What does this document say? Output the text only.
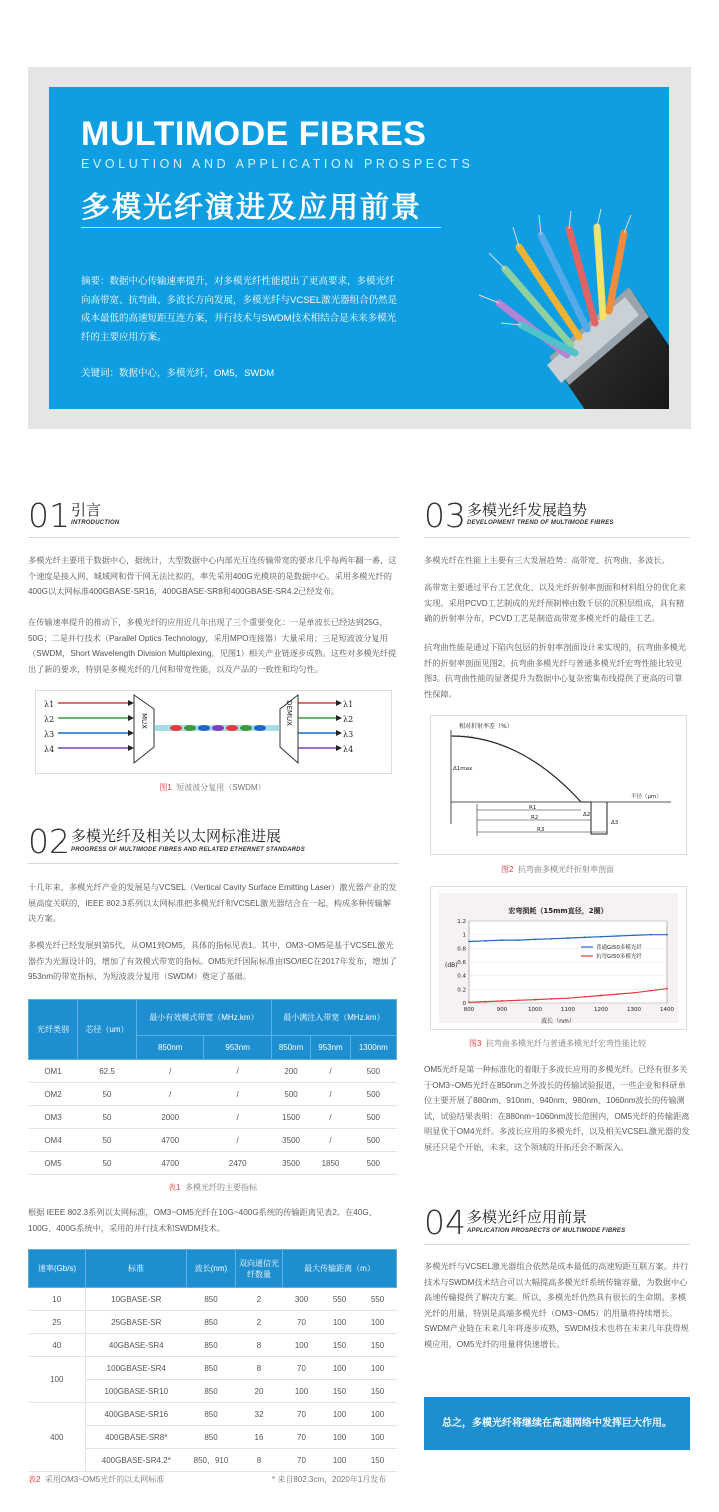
MULTIMODE FIBRES
EVOLUTION AND APPLICATION PROSPECTS
多模光纤演进及应用前景
摘要：数据中心传输速率提升，对多模光纤性能提出了更高要求，多模光纤向高带宽、抗弯曲、多波长方向发展，多模光纤与VCSEL激光器组合仍然是成本最低的高速短距互连方案，并行技术与SWDM技术相结合是未来多模光纤的主要应用方案。
关键词：数据中心，多模光纤，OM5，SWDM
01 引言
INTRODUCTION
多模光纤主要用于数据中心，据统计，大型数据中心内部光互连传输带宽的要求几乎每两年翻一番，这个速度是接入网、城域网和骨干网无法比拟的，率先采用400G光模块的是数据中心。采用多模光纤的400G以太网标准400GBASE-SR16，400GBASE-SR8和400GBASE-SR4.2已经发布。
在传输速率提升的推动下，多模光纤的应用近几年出现了三个重要变化：一是单波长已经达到25G、50G；二是并行技术（Parallel Optics Technology，采用MPO连接器）大量采用；三是短波波分复用（SWDM，Short Wavelength Division Multiplexing，见图1）相关产业链逐步成熟。这些对多模光纤提出了新的要求，特别是多模光纤的几何和带宽性能，以及产品的一致性和均匀性。
λ1
λ2
λ3
λ4
λ1
λ2
λ3
λ4
MUX	DEMUX
图1 短波波分复用（SWDM）
02 多模光纤及相关以太网标准进展
PROGRESS OF MULTIMODE FIBRES AND RELATED ETHERNET STANDARDS
十几年来，多模光纤产业的发展是与VCSEL（Vertical Cavity Surface Emitting Laser）激光器产业的发展高度关联的，IEEE 802.3系列以太网标准把多模光纤和VCSEL激光器结合在一起，构成多种传输解决方案。
多模光纤已经发展到第5代，从OM1到OM5，具体的指标见表1。其中，OM3~OM5是基于VCSEL激光器作为光源设计的，增加了有效模式带宽的指标。OM5光纤国际标准由ISO/IEC在2017年发布，增加了953nm的带宽指标，为短波波分复用（SWDM）奠定了基础。
光纤类别	芯径（um）	最小有效模式带宽（MHz.km）		最小满注入带宽（MHz.km）		
		850nm	953nm	850nm	953nm	1300nm
OM1	62.5	/	/	200	/	500
OM2	50	/	/	500	/	500
OM3	50	2000	/	1500	/	500
OM4	50	4700	/	3500	/	500
OM5	50	4700	2470	3500	1850	500
表1 多模光纤的主要指标
根据 IEEE 802.3系列以太网标准，OM3~OM5光纤在10G~400G系统的传输距离见表2。在40G、100G、400G系统中，采用的并行技术和SWDM技术。
速率(Gb/s)	标准	波长(nm)	双向通信光纤数量	最大传输距离（m）		
10	10GBASE-SR	850	2	300	550	550
25	25GBASE-SR	850	2	70	100	100
40	40GBASE-SR4	850	8	100	150	150
100	100GBASE-SR4	850	8	70	100	100
	100GBASE-SR10	850	20	100	150	150
400	400GBASE-SR16	850	32	70	100	100
	400GBASE-SR8*	850	16	70	100	100
	400GBASE-SR4.2*	850，910	8	70	100	150
表2 采用OM3~OM5光纤的以太网标准	* 来自802.3cm，2020年1月发布
03 多模光纤发展趋势
DEVELOPMENT TREND OF MULTIMODE FIBRES
多模光纤在性能上主要有三大发展趋势：高带宽、抗弯曲、多波长。
高带宽主要通过平台工艺优化、以及光纤折射率剖面和材料组分的优化来实现。采用PCVD工艺制成的光纤预制棒由数千层的沉积层组成，具有精确的折射率分布，PCVD工艺是制造高带宽多模光纤的最佳工艺。
抗弯曲性能是通过下陷内包层的折射率剖面设计来实现的，抗弯曲多模光纤的折射率剖面见图2。抗弯曲多模光纤与普通多模光纤宏弯性能比较见图3。抗弯曲性能的显著提升为数据中心复杂密集布线提供了更高的可靠性保障。
相对折射率差（%）
半径（μm）
Δ1max
Δ2
Δ3
R1
R2
R3
图2 抗弯曲多模光纤折射率剖面
宏弯损耗（15mm直径，2圈）
波长（nm）
(dB)
0
0.2
0.4
0.6
0.8
1
1.2
800	900	1000	1100	1200	1300	1400
普通GI50多模光纤
抗弯GI50多模光纤
图3 抗弯曲多模光纤与普通多模光纤宏弯性能比较
OM5光纤是第一种标准化的着眼于多波长应用的多模光纤。已经有很多关于OM3~OM5光纤在850nm之外波长的传输试验报道，一些企业和科研单位主要开展了880nm、910nm、940nm、980nm、1060nm波长的传输测试，试验结果表明：在880nm~1060nm波长范围内，OM5光纤的传输距离明显优于OM4光纤。多波长应用的多模光纤，以及相关VCSEL激光器的发展还只是个开始，未来，这个领域的开拓还会不断深入。
04 多模光纤应用前景
APPLICATION PROSPECTS OF MULTIMODE FIBRES
多模光纤与VCSEL激光器组合依然是成本最低的高速短距互联方案。并行技术与SWDM技术结合可以大幅提高多模光纤系统传输容量，为数据中心高速传输提供了解决方案。所以，多模光纤仍然具有很长的生命期。多模光纤的用量，特别是高端多模光纤（OM3~OM5）的用量将持续增长。SWDM产业链在未来几年将逐步成熟，SWDM技术也将在未来几年获得规模应用，OM5光纤的用量将快速增长。
总之，多模光纤将继续在高速网络中发挥巨大作用。
